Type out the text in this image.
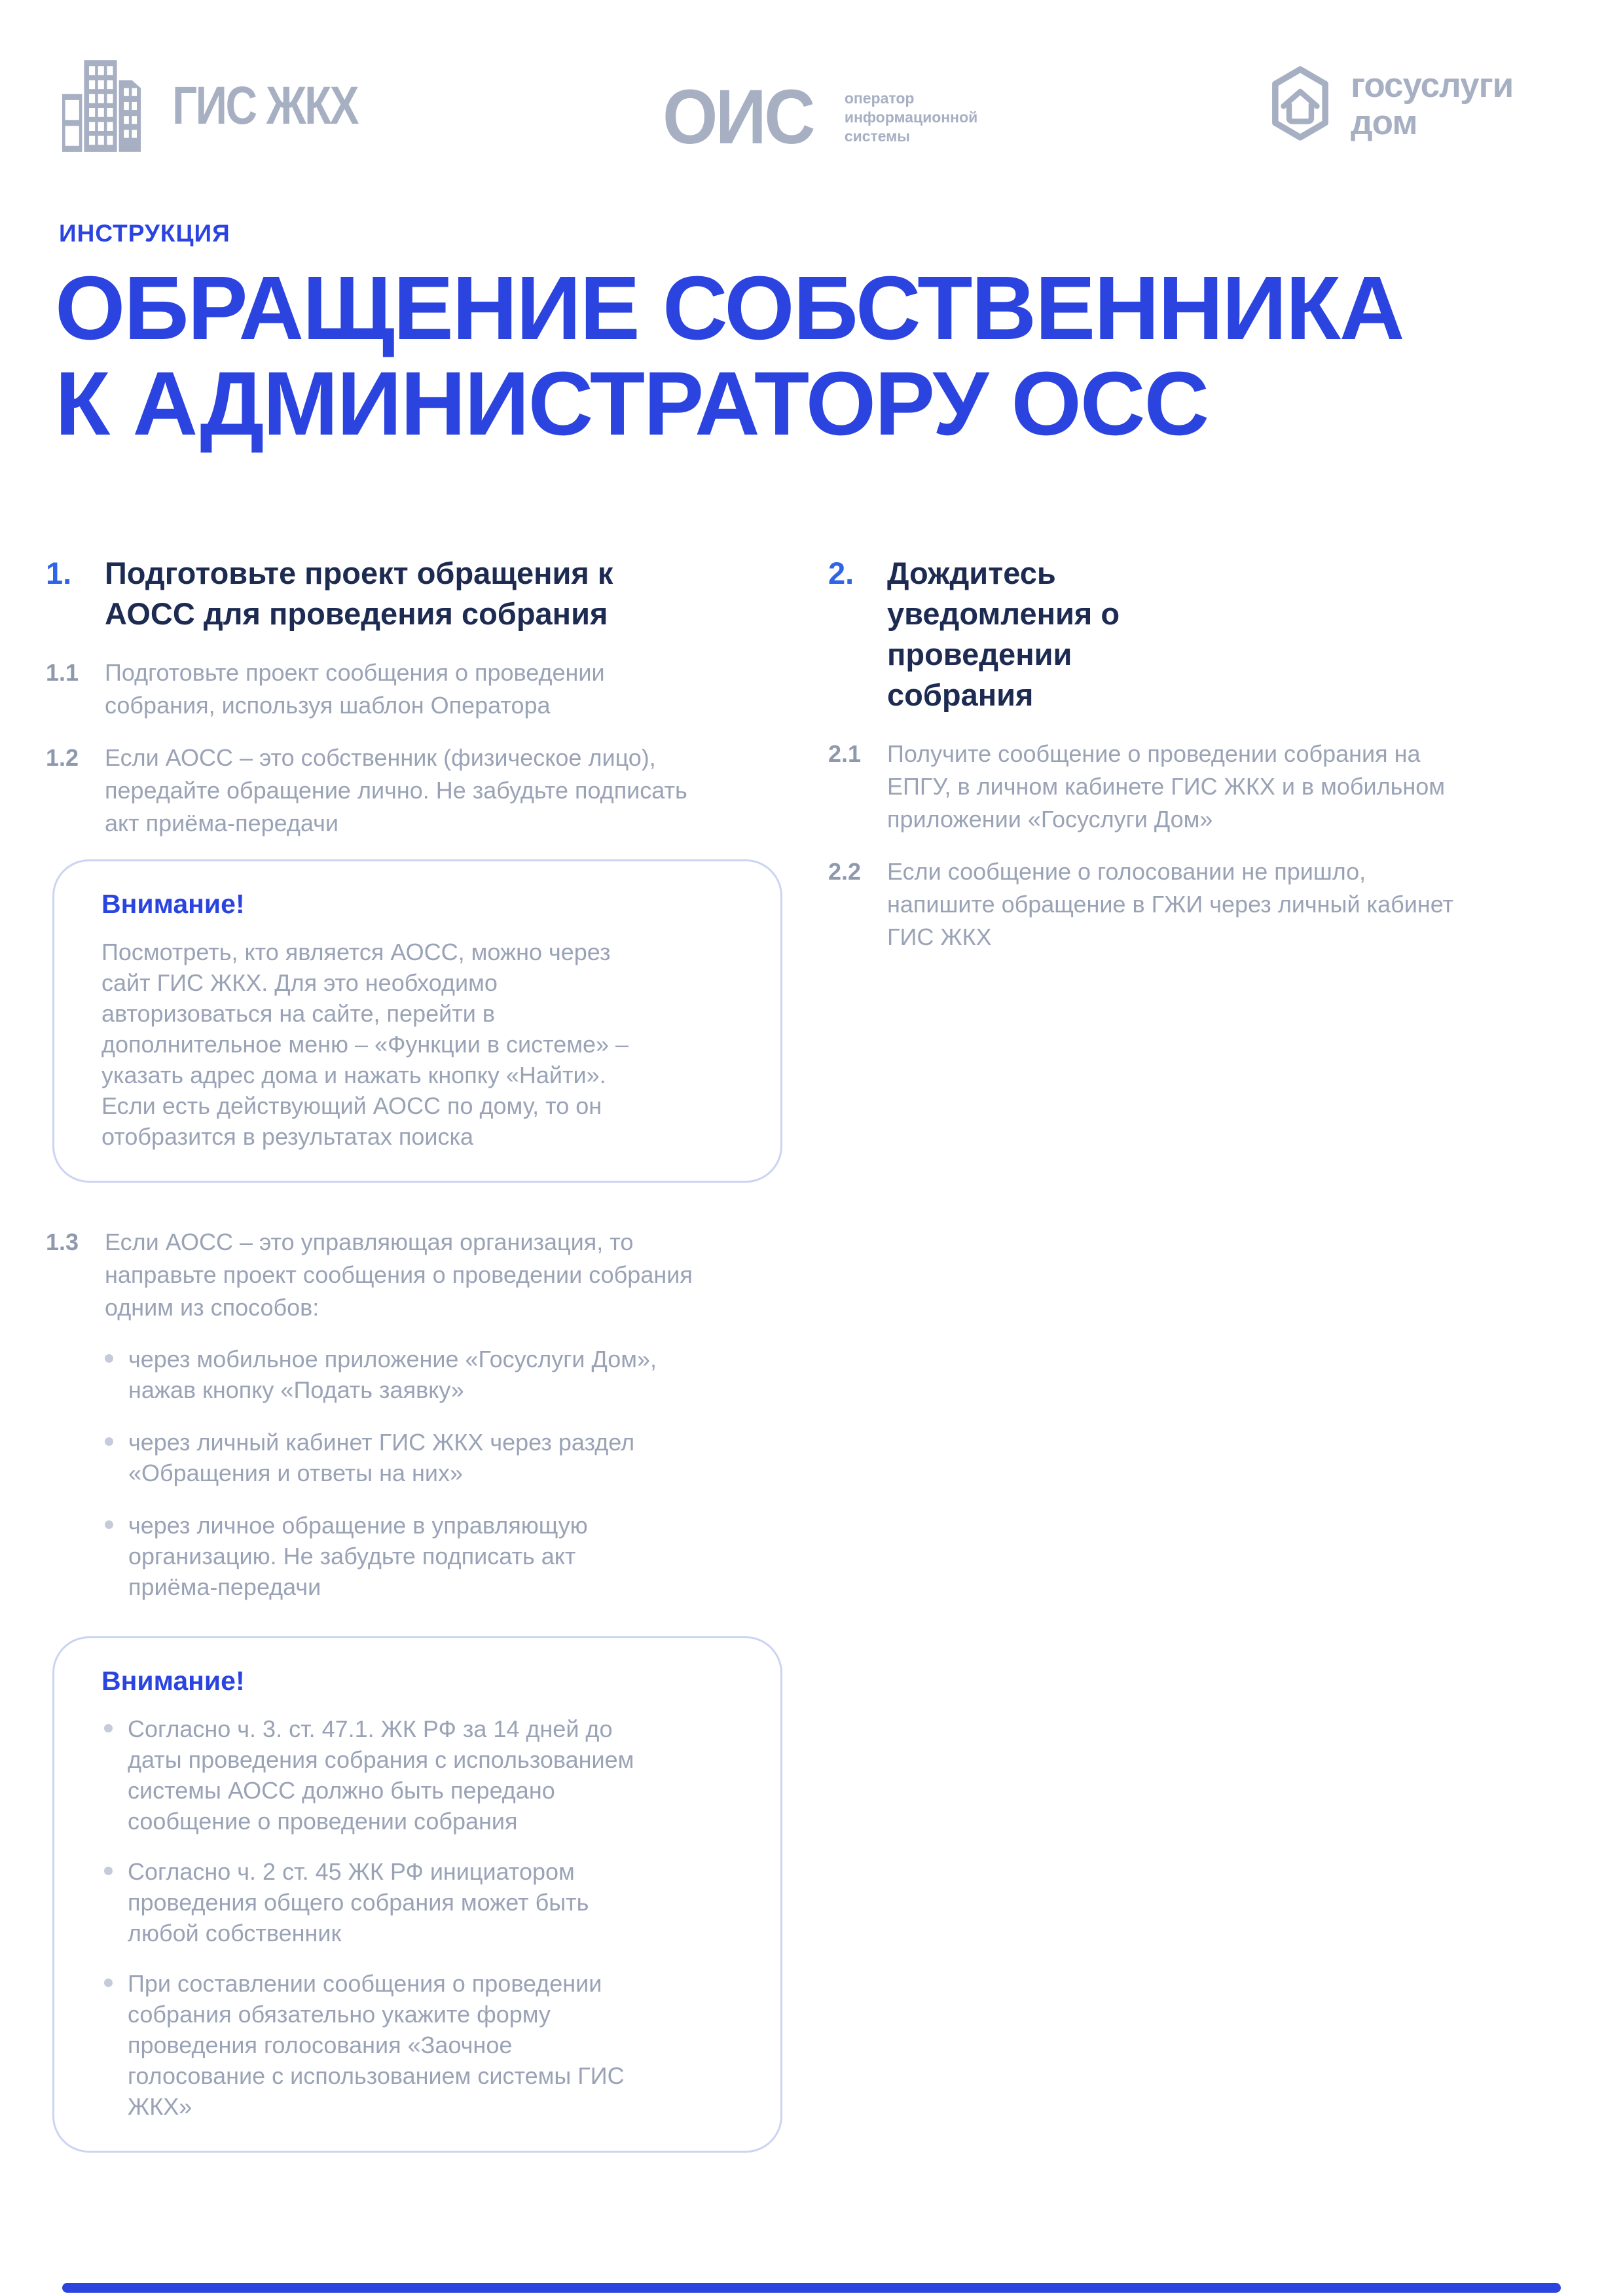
ГИС ЖКХ	ОИС оператор
информационной
системы
госуслуги
дом
ИНСТРУКЦИЯ
ОБРАЩЕНИЕ СОБСТВЕННИКА
К АДМИНИСТРАТОРУ ОСС
1.	Подготовьте проект обращения к АОСС для проведения собрания
1.1	Подготовьте проект сообщения о проведении собрания, используя шаблон Оператора
1.2	Если АОСС – это собственник (физическое лицо), передайте обращение лично. Не забудьте подписать акт приёма-передачи
Внимание!
Посмотреть, кто является АОСС, можно через сайт ГИС ЖКХ. Для это необходимо авторизоваться на сайте, перейти в дополнительное меню – «Функции в системе» – указать адрес дома и нажать кнопку «Найти». Если есть действующий АОСС по дому, то он отобразится в результатах поиска
1.3	Если АОСС – это управляющая организация, то направьте проект сообщения о проведении собрания одним из способов:
через мобильное приложение «Госуслуги Дом», нажав кнопку «Подать заявку»
через личный кабинет ГИС ЖКХ через раздел «Обращения и ответы на них»
через личное обращение в управляющую организацию. Не забудьте подписать акт приёма-передачи
Внимание!
Согласно ч. 3. ст. 47.1. ЖК РФ за 14 дней до даты проведения собрания с использованием системы АОСС должно быть передано сообщение о проведении собрания
Согласно ч. 2 ст. 45 ЖК РФ инициатором проведения общего собрания может быть любой собственник
При составлении сообщения о проведении собрания обязательно укажите форму проведения голосования «Заочное голосование с использованием системы ГИС ЖКХ»
2.	Дождитесь уведомления о проведении собрания
2.1	Получите сообщение о проведении собрания на ЕПГУ, в личном кабинете ГИС ЖКХ и в мобильном приложении «Госуслуги Дом»
2.2	Если сообщение о голосовании не пришло, напишите обращение в ГЖИ через личный кабинет ГИС ЖКХ
